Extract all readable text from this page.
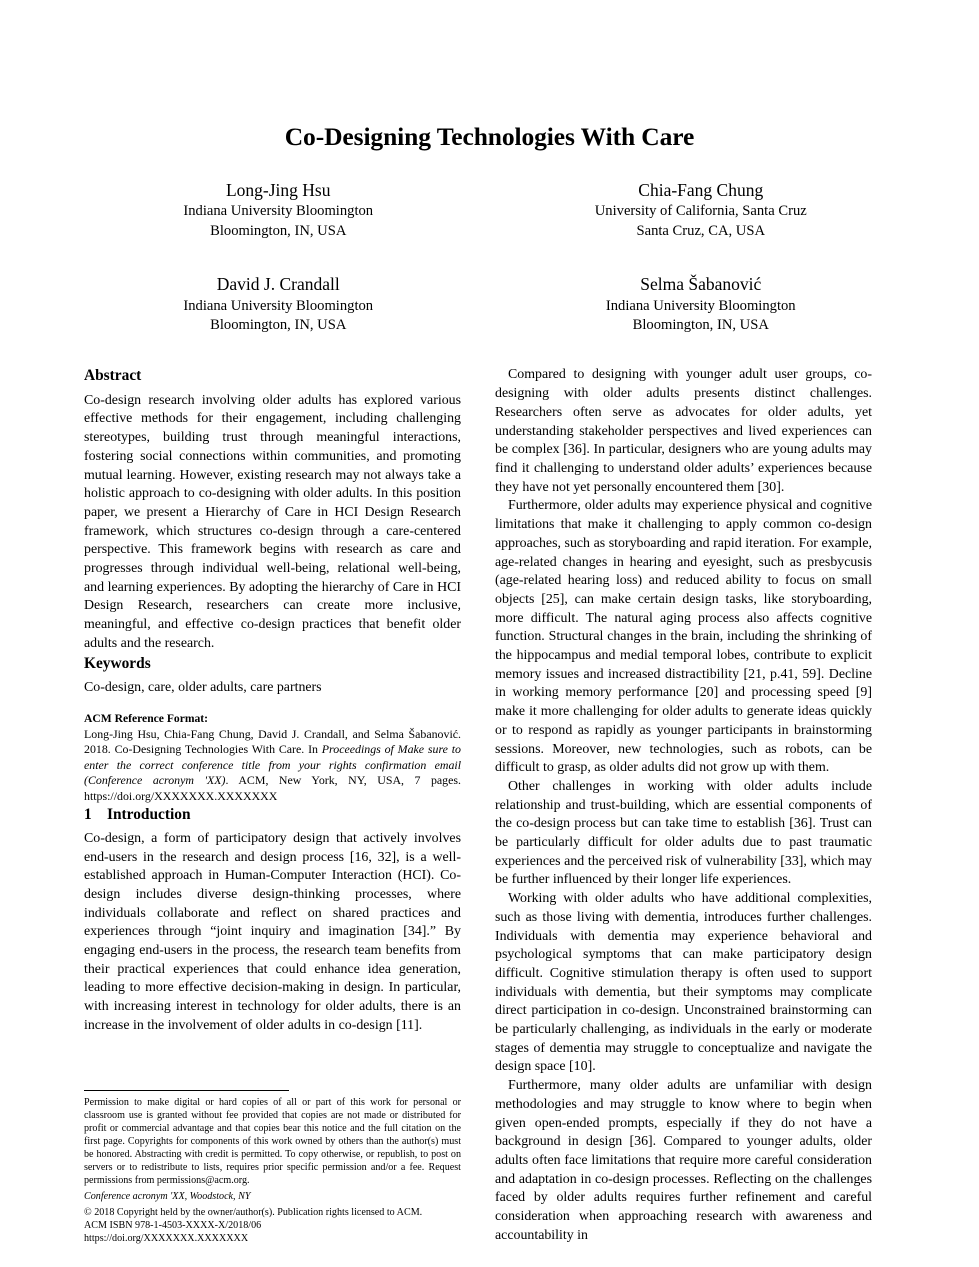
Co-Designing Technologies With Care
Long-Jing Hsu
Indiana University Bloomington
Bloomington, IN, USA
Chia-Fang Chung
University of California, Santa Cruz
Santa Cruz, CA, USA
David J. Crandall
Indiana University Bloomington
Bloomington, IN, USA
Selma Šabanović
Indiana University Bloomington
Bloomington, IN, USA
Abstract

Co-design research involving older adults has explored various effective methods for their engagement, including challenging stereotypes, building trust through meaningful interactions, fostering social connections within communities, and promoting mutual learning. However, existing research may not always take a holistic approach to co-designing with older adults. In this position paper, we present a Hierarchy of Care in HCI Design Research framework, which structures co-design through a care-centered perspective. This framework begins with research as care and progresses through individual well-being, relational well-being, and learning experiences. By adopting the hierarchy of Care in HCI Design Research, researchers can create more inclusive, meaningful, and effective co-design practices that benefit older adults and the research.

Keywords

Co-design, care, older adults, care partners

ACM Reference Format:

Long-Jing Hsu, Chia-Fang Chung, David J. Crandall, and Selma Šabanović. 2018. Co-Designing Technologies With Care. In Proceedings of Make sure to enter the correct conference title from your rights confirmation email (Conference acronym 'XX). ACM, New York, NY, USA, 7 pages. https://doi.org/XXXXXXX.XXXXXXX

1 Introduction

Co-design, a form of participatory design that actively involves end-users in the research and design process [16, 32], is a well-established approach in Human-Computer Interaction (HCI). Co-design includes diverse design-thinking processes, where individuals collaborate and reflect on shared practices and experiences through “joint inquiry and imagination [34].” By engaging end-users in the process, the research team benefits from their practical experiences that could enhance idea generation, leading to more effective decision-making in design. In particular, with increasing interest in technology for older adults, there is an increase in the involvement of older adults in co-design [11].

Permission to make digital or hard copies of all or part of this work for personal or classroom use is granted without fee provided that copies are not made or distributed for profit or commercial advantage and that copies bear this notice and the full citation on the first page. Copyrights for components of this work owned by others than the author(s) must be honored. Abstracting with credit is permitted. To copy otherwise, or republish, to post on servers or to redistribute to lists, requires prior specific permission and/or a fee. Request permissions from permissions@acm.org.

Conference acronym 'XX, Woodstock, NY

© 2018 Copyright held by the owner/author(s). Publication rights licensed to ACM.

ACM ISBN 978-1-4503-XXXX-X/2018/06

https://doi.org/XXXXXXX.XXXXXXX

Compared to designing with younger adult user groups, co-designing with older adults presents distinct challenges. Researchers often serve as advocates for older adults, yet understanding stakeholder perspectives and lived experiences can be complex [36]. In particular, designers who are young adults may find it challenging to understand older adults’ experiences because they have not yet personally encountered them [30].

Furthermore, older adults may experience physical and cognitive limitations that make it challenging to apply common co-design approaches, such as storyboarding and rapid iteration. For example, age-related changes in hearing and eyesight, such as presbycusis (age-related hearing loss) and reduced ability to focus on small objects [25], can make certain design tasks, like storyboarding, more difficult. The natural aging process also affects cognitive function. Structural changes in the brain, including the shrinking of the hippocampus and medial temporal lobes, contribute to explicit memory issues and increased distractibility [21, p.41, 59]. Decline in working memory performance [20] and processing speed [9] make it more challenging for older adults to generate ideas quickly or to respond as rapidly as younger participants in brainstorming sessions. Moreover, new technologies, such as robots, can be difficult to grasp, as older adults did not grow up with them.

Other challenges in working with older adults include relationship and trust-building, which are essential components of the co-design process but can take time to establish [36]. Trust can be particularly difficult for older adults due to past traumatic experiences and the perceived risk of vulnerability [33], which may be further influenced by their longer life experiences.

Working with older adults who have additional complexities, such as those living with dementia, introduces further challenges. Individuals with dementia may experience behavioral and psychological symptoms that can make participatory design difficult. Cognitive stimulation therapy is often used to support individuals with dementia, but their symptoms may complicate direct participation in co-design. Unconstrained brainstorming can be particularly challenging, as individuals in the early or moderate stages of dementia may struggle to conceptualize and navigate the design space [10].

Furthermore, many older adults are unfamiliar with design methodologies and may struggle to know where to begin when given open-ended prompts, especially if they do not have a background in design [36]. Compared to younger adults, older adults often face limitations that require more careful consideration and adaptation in co-design processes. Reflecting on the challenges faced by older adults requires further refinement and careful consideration when approaching research with awareness and accountability in
